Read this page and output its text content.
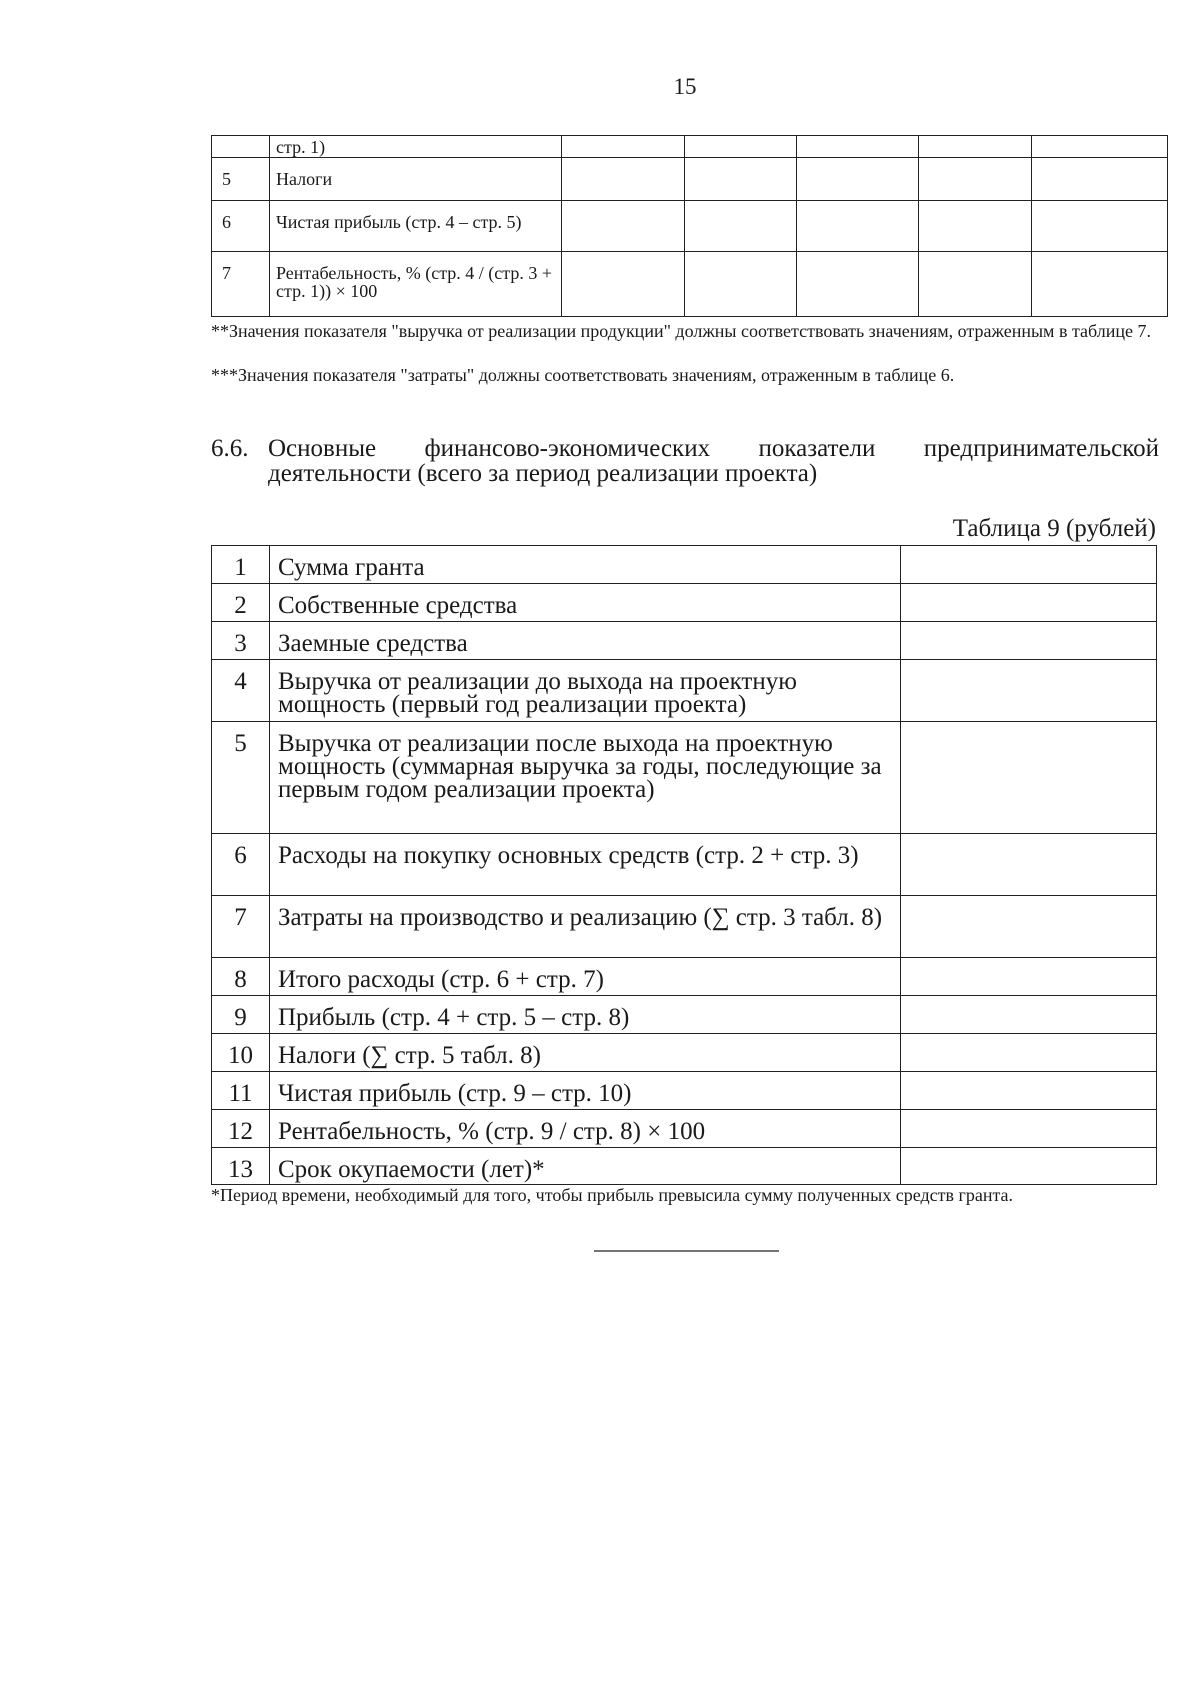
15
	стр. 1)					
5	Налоги					
6	Чистая прибыль (стр. 4 – стр. 5)					
7	Рентабельность, % (стр. 4 / (стр. 3 + стр. 1)) × 100					
**Значения показателя "выручка от реализации продукции" должны соответствовать значениям, отраженным в таблице 7.
***Значения показателя "затраты" должны соответствовать значениям, отраженным в таблице 6.
6.6. Основные финансово-экономических показатели предпринимательской деятельности (всего за период реализации проекта)
Таблица 9 (рублей)
1	Сумма гранта	
2	Собственные средства	
3	Заемные средства	
4	Выручка от реализации до выхода на проектную мощность (первый год реализации проекта)	
5	Выручка от реализации после выхода на проектную мощность (суммарная выручка за годы, последующие за первым годом реализации проекта)	
6	Расходы на покупку основных средств (стр. 2 + стр. 3)	
7	Затраты на производство и реализацию (∑ стр. 3 табл. 8)	
8	Итого расходы (стр. 6 + стр. 7)	
9	Прибыль (стр. 4 + стр. 5 – стр. 8)	
10	Налоги (∑ стр. 5 табл. 8)	
11	Чистая прибыль (стр. 9 – стр. 10)	
12	Рентабельность, % (стр. 9 / стр. 8) × 100	
13	Срок окупаемости (лет)*	
*Период времени, необходимый для того, чтобы прибыль превысила сумму полученных средств гранта.
